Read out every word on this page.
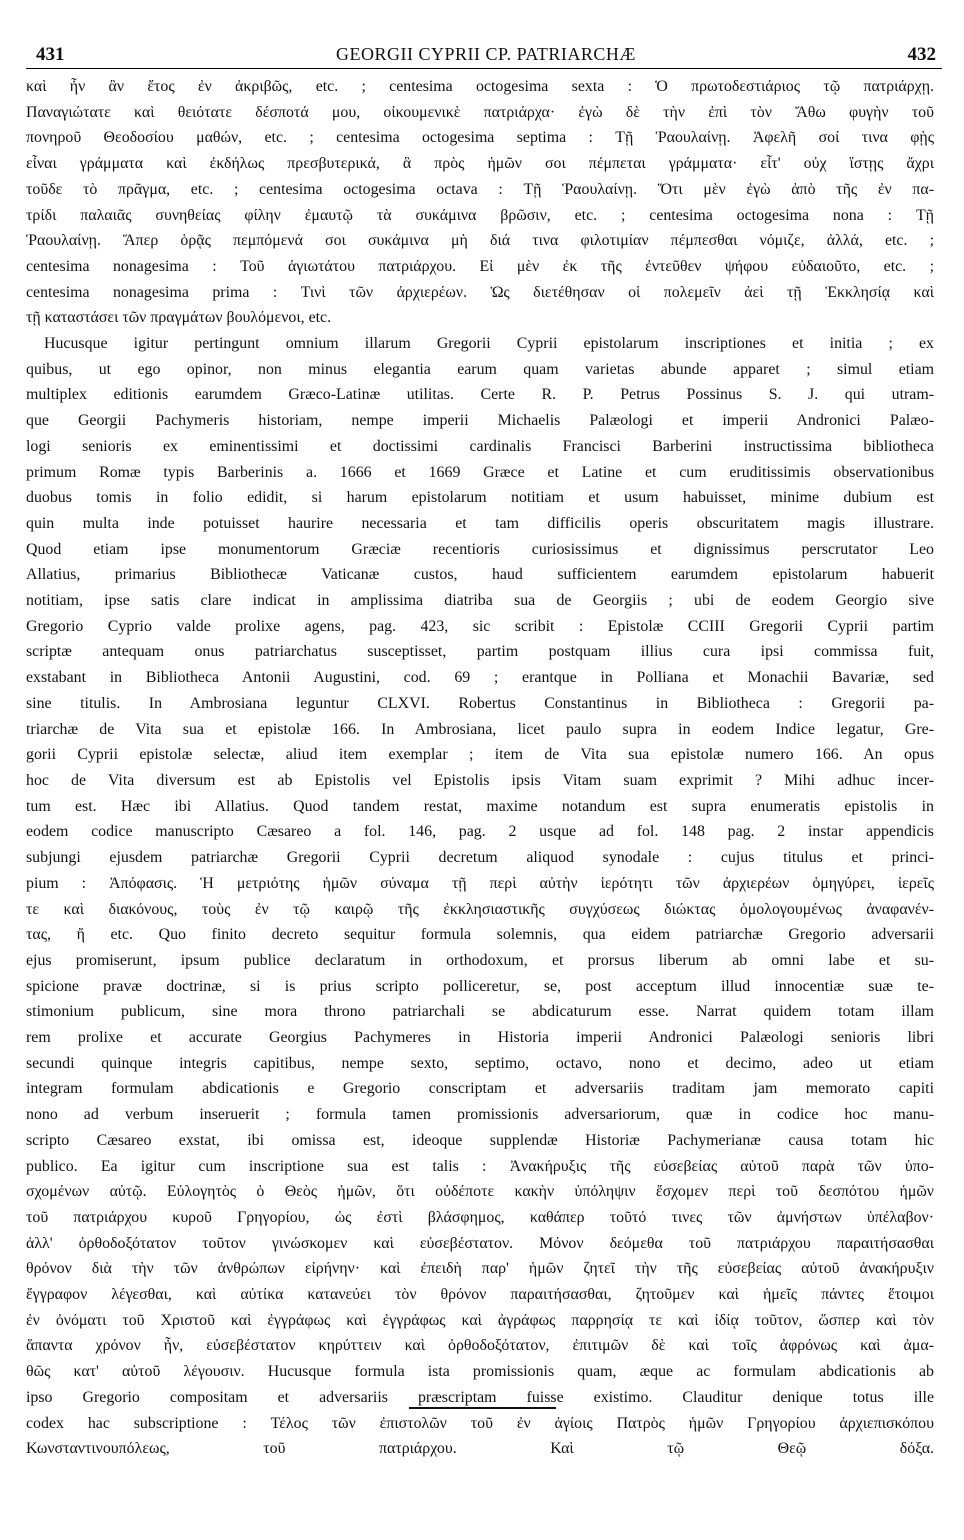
431	GEORGII CYPRII CP. PATRIARCHÆ	432

καὶ ἦν ἂν ἔτος ἐν ἀκριβῶς, etc. ; centesima octogesima sexta : Ὁ πρωτοδεστιάριος τῷ πατριάρχῃ.

Παναγιώτατε καὶ θειότατε δέσποτά μου, οἰκουμενικὲ πατριάρχα· ἐγὼ δὲ τὴν ἐπὶ τὸν Ἄθω φυγὴν τοῦ

πονηροῦ Θεοδοσίου μαθών, etc. ; centesima octogesima septima : Τῇ Ῥαουλαίνῃ. Ἀφελῆ σοί τινα φῂς

εἶναι γράμματα καὶ ἐκδήλως πρεσβυτερικά, ἃ πρὸς ἡμῶν σοι πέμπεται γράμματα· εἶτ' οὐχ ἵστῃς ἄχρι

τοῦδε τὸ πρᾶγμα, etc. ; centesima octogesima octava : Τῇ Ῥαουλαίνῃ. Ὅτι μὲν ἐγὼ ἀπὸ τῆς ἐν πα-

τρίδι παλαιᾶς συνηθείας φίλην ἐμαυτῷ τὰ συκάμινα βρῶσιν, etc. ; centesima octogesima nona : Τῇ

Ῥαουλαίνῃ. Ἅπερ ὁρᾷς πεμπόμενά σοι συκάμινα μὴ διά τινα φιλοτιμίαν πέμπεσθαι νόμιζε, ἀλλά, etc. ;

centesima nonagesima : Τοῦ ἁγιωτάτου πατριάρχου. Εἰ μὲν ἐκ τῆς ἐντεῦθεν ψήφου εὐδαιοῦτο, etc. ;

centesima nonagesima prima : Τινὶ τῶν ἀρχιερέων. Ὡς διετέθησαν οἱ πολεμεῖν ἀεὶ τῇ Ἐκκλησίᾳ καὶ

τῇ καταστάσει τῶν πραγμάτων βουλόμενοι, etc.

Hucusque igitur pertingunt omnium illarum Gregorii Cyprii epistolarum inscriptiones et initia ; ex

quibus, ut ego opinor, non minus elegantia earum quam varietas abunde apparet ; simul etiam

multiplex editionis earumdem Græco-Latinæ utilitas. Certe R. P. Petrus Possinus S. J. qui utram-

que Georgii Pachymeris historiam, nempe imperii Michaelis Palæologi et imperii Andronici Palæo-

logi senioris ex eminentissimi et doctissimi cardinalis Francisci Barberini instructissima bibliotheca

primum Romæ typis Barberinis a. 1666 et 1669 Græce et Latine et cum eruditissimis observationibus

duobus tomis in folio edidit, si harum epistolarum notitiam et usum habuisset, minime dubium est

quin multa inde potuisset haurire necessaria et tam difficilis operis obscuritatem magis illustrare.

Quod etiam ipse monumentorum Græciæ recentioris curiosissimus et dignissimus perscrutator Leo

Allatius, primarius Bibliothecæ Vaticanæ custos, haud sufficientem earumdem epistolarum habuerit

notitiam, ipse satis clare indicat in amplissima diatriba sua de Georgiis ; ubi de eodem Georgio sive

Gregorio Cyprio valde prolixe agens, pag. 423, sic scribit : Epistolæ CCIII Gregorii Cyprii partim

scriptæ antequam onus patriarchatus susceptisset, partim postquam illius cura ipsi commissa fuit,

exstabant in Bibliotheca Antonii Augustini, cod. 69 ; erantque in Polliana et Monachii Bavariæ, sed

sine titulis. In Ambrosiana leguntur CLXVI. Robertus Constantinus in Bibliotheca : Gregorii pa-

triarchæ de Vita sua et epistolæ 166. In Ambrosiana, licet paulo supra in eodem Indice legatur, Gre-

gorii Cyprii epistolæ selectæ, aliud item exemplar ; item de Vita sua epistolæ numero 166. An opus

hoc de Vita diversum est ab Epistolis vel Epistolis ipsis Vitam suam exprimit ? Mihi adhuc incer-

tum est. Hæc ibi Allatius. Quod tandem restat, maxime notandum est supra enumeratis epistolis in

eodem codice manuscripto Cæsareo a fol. 146, pag. 2 usque ad fol. 148 pag. 2 instar appendicis

subjungi ejusdem patriarchæ Gregorii Cyprii decretum aliquod synodale : cujus titulus et princi-

pium : Ἀπόφασις. Ἡ μετριότης ἡμῶν σύναμα τῇ περὶ αὐτὴν ἱερότητι τῶν ἀρχιερέων ὁμηγύρει, ἱερεῖς

τε καὶ διακόνους, τοὺς ἐν τῷ καιρῷ τῆς ἐκκλησιαστικῆς συγχύσεως διώκτας ὁμολογουμένως ἀναφανέν-

τας, ἤ etc. Quo finito decreto sequitur formula solemnis, qua eidem patriarchæ Gregorio adversarii

ejus promiserunt, ipsum publice declaratum in orthodoxum, et prorsus liberum ab omni labe et su-

spicione pravæ doctrinæ, si is prius scripto polliceretur, se, post acceptum illud innocentiæ suæ te-

stimonium publicum, sine mora throno patriarchali se abdicaturum esse. Narrat quidem totam illam

rem prolixe et accurate Georgius Pachymeres in Historia imperii Andronici Palæologi senioris libri

secundi quinque integris capitibus, nempe sexto, septimo, octavo, nono et decimo, adeo ut etiam

integram formulam abdicationis e Gregorio conscriptam et adversariis traditam jam memorato capiti

nono ad verbum inseruerit ; formula tamen promissionis adversariorum, quæ in codice hoc manu-

scripto Cæsareo exstat, ibi omissa est, ideoque supplendæ Historiæ Pachymerianæ causa totam hic

publico. Ea igitur cum inscriptione sua est talis : Ἀνακήρυξις τῆς εὐσεβείας αὐτοῦ παρὰ τῶν ὑπο-

σχομένων αὐτῷ. Εὐλογητὸς ὁ Θεὸς ἡμῶν, ὅτι οὐδέποτε κακὴν ὑπόληψιν ἔσχομεν περὶ τοῦ δεσπότου ἡμῶν

τοῦ πατριάρχου κυροῦ Γρηγορίου, ὡς ἐστὶ βλάσφημος, καθάπερ τοῦτό τινες τῶν ἀμνήστων ὑπέλαβον·

ἀλλ' ὀρθοδοξότατον τοῦτον γινώσκομεν καὶ εὐσεβέστατον. Μόνον δεόμεθα τοῦ πατριάρχου παραιτήσασθαι

θρόνον διὰ τὴν τῶν ἀνθρώπων εἰρήνην· καὶ ἐπειδὴ παρ' ἡμῶν ζητεῖ τὴν τῆς εὐσεβείας αὐτοῦ ἀνακήρυξιν

ἔγγραφον λέγεσθαι, καὶ αὐτίκα κατανεύει τὸν θρόνον παραιτήσασθαι, ζητοῦμεν καὶ ἡμεῖς πάντες ἕτοιμοι

ἐν ὀνόματι τοῦ Χριστοῦ καὶ ἐγγράφως καὶ ἐγγράφως καὶ ἀγράφως παρρησίᾳ τε καὶ ἰδίᾳ τοῦτον, ὥσπερ καὶ τὸν

ἅπαντα χρόνον ἦν, εὐσεβέστατον κηρύττειν καὶ ὀρθοδοξότατον, ἐπιτιμῶν δὲ καὶ τοῖς ἀφρόνως καὶ ἀμα-

θῶς κατ' αὐτοῦ λέγουσιν. Hucusque formula ista promissionis quam, æque ac formulam abdicationis ab

ipso Gregorio compositam et adversariis præscriptam fuisse existimo. Clauditur denique totus ille

codex hac subscriptione : Τέλος τῶν ἐπιστολῶν τοῦ ἐν ἁγίοις Πατρὸς ἡμῶν Γρηγορίου ἀρχιεπισκόπου

Κωνσταντινουπόλεως, τοῦ πατριάρχου. Καὶ τῷ Θεῷ δόξα.
